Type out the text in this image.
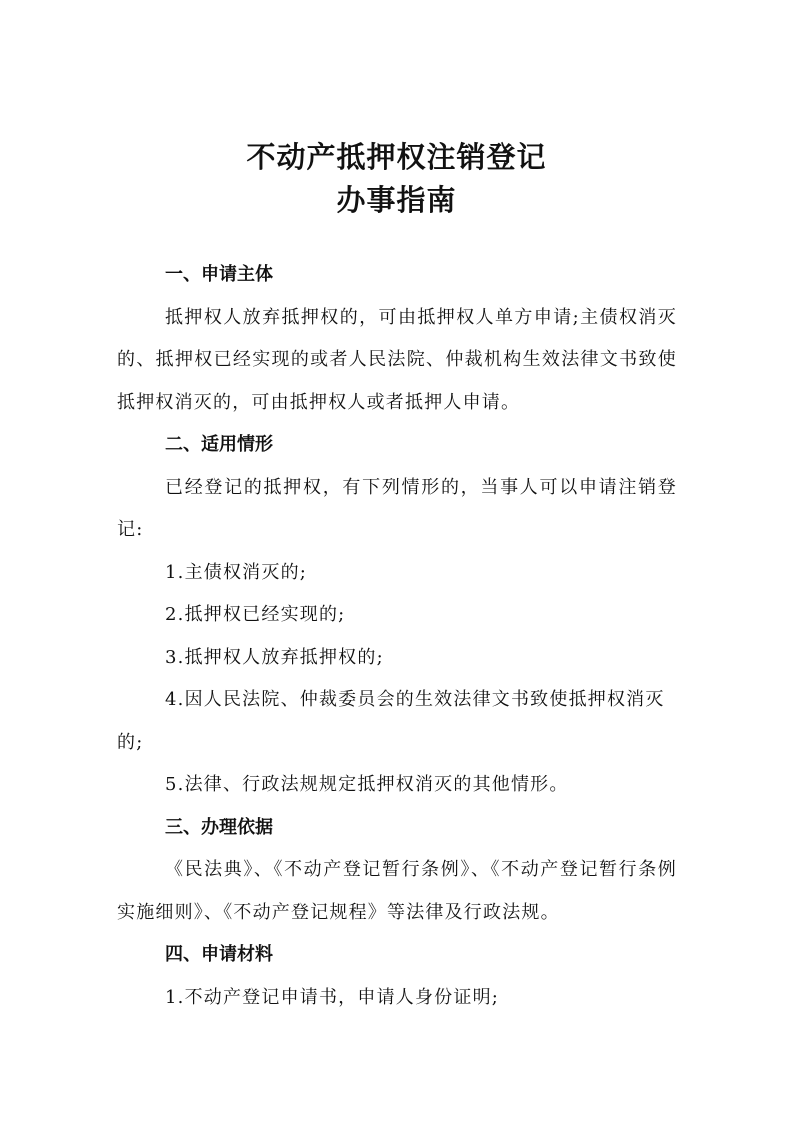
不动产抵押权注销登记
办事指南
一、申请主体
抵押权人放弃抵押权的，可由抵押权人单方申请;主债权消灭的、抵押权已经实现的或者人民法院、仲裁机构生效法律文书致使抵押权消灭的，可由抵押权人或者抵押人申请。
二、适用情形
已经登记的抵押权，有下列情形的，当事人可以申请注销登记:
1.主债权消灭的;
2.抵押权已经实现的;
3.抵押权人放弃抵押权的;
4.因人民法院、仲裁委员会的生效法律文书致使抵押权消灭的;
5.法律、行政法规规定抵押权消灭的其他情形。
三、办理依据
《民法典》、《不动产登记暂行条例》、《不动产登记暂行条例实施细则》、《不动产登记规程》等法律及行政法规。
四、申请材料
1.不动产登记申请书，申请人身份证明;
